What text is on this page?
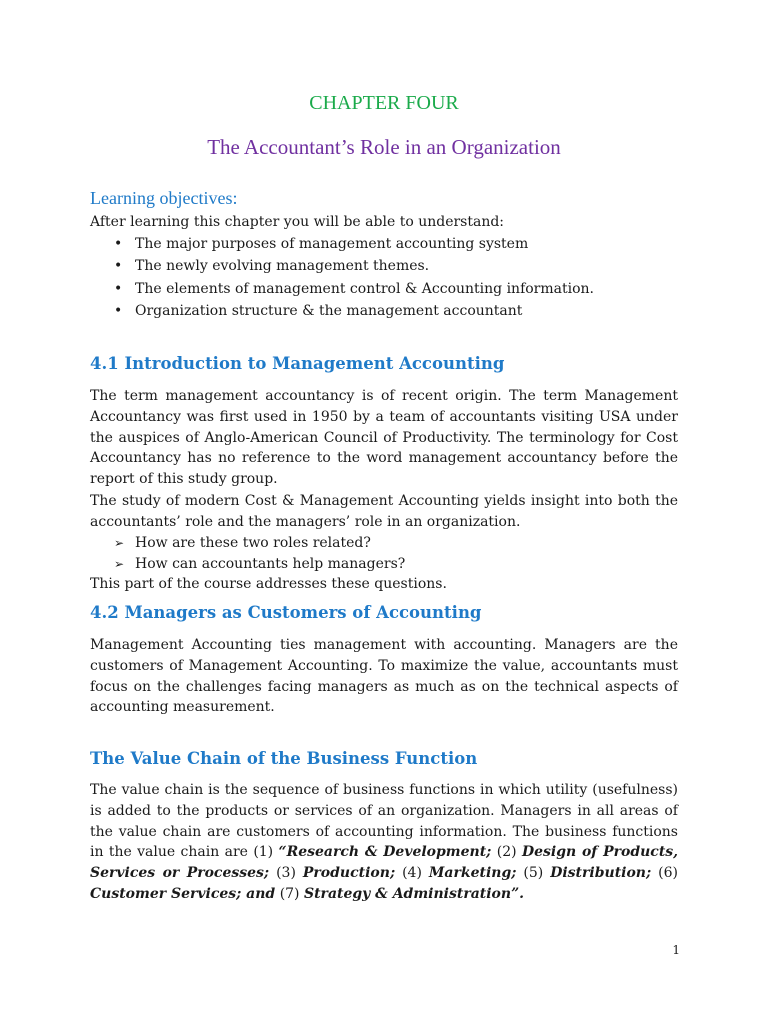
CHAPTER FOUR
The Accountant’s Role in an Organization
Learning objectives:
After learning this chapter you will be able to understand:
• The major purposes of management accounting system
• The newly evolving management themes.
• The elements of management control & Accounting information.
• Organization structure & the management accountant
4.1 Introduction to Management Accounting
The term management accountancy is of recent origin. The term Management Accountancy was first used in 1950 by a team of accountants visiting USA under the auspices of Anglo-American Council of Productivity. The terminology for Cost Accountancy has no reference to the word management accountancy before the report of this study group.
The study of modern Cost & Management Accounting yields insight into both the accountants’ role and the managers’ role in an organization.
➢ How are these two roles related?
➢ How can accountants help managers?
This part of the course addresses these questions.
4.2 Managers as Customers of Accounting
Management Accounting ties management with accounting. Managers are the customers of Management Accounting. To maximize the value, accountants must focus on the challenges facing managers as much as on the technical aspects of accounting measurement.
The Value Chain of the Business Function
The value chain is the sequence of business functions in which utility (usefulness) is added to the products or services of an organization. Managers in all areas of the value chain are customers of accounting information. The business functions in the value chain are (1) “Research & Development; (2) Design of Products, Services or Processes; (3) Production; (4) Marketing; (5) Distribution; (6) Customer Services; and (7) Strategy & Administration”.
1
